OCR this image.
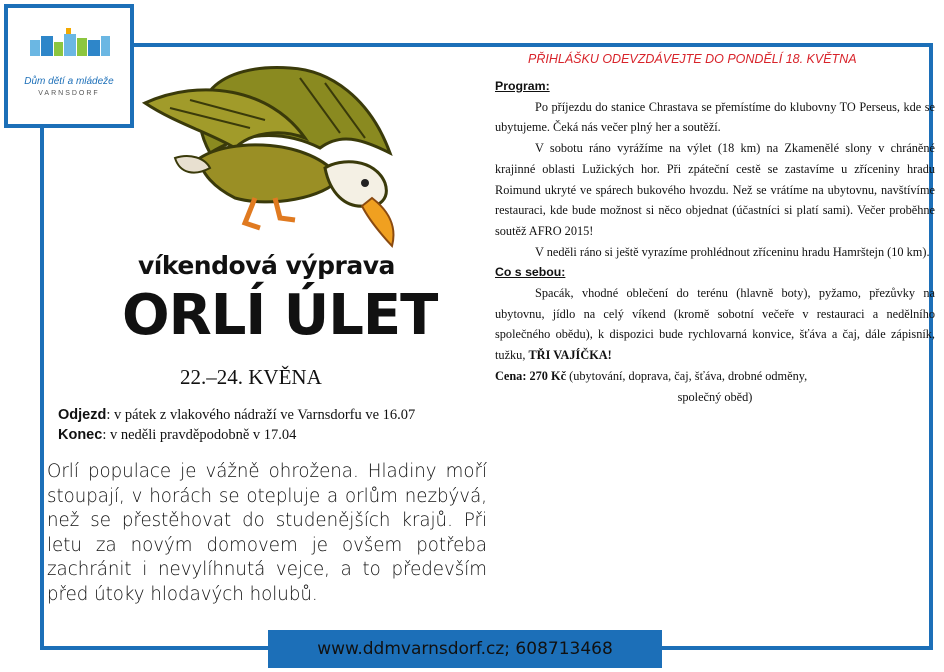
Dům dětí a mládeže
VARNSDORF
PŘIHLÁŠKU ODEVZDÁVEJTE DO PONDĚLÍ 18. KVĚTNA
víkendová výprava
ORLÍ ÚLET
22.–24. KVĚNA
Odjezd: v pátek z vlakového nádraží ve Varnsdorfu ve 16.07
Konec: v neděli pravděpodobně v 17.04
Orlí populace je vážně ohrožena. Hladiny moří stoupají, v horách se otepluje a orlům nezbývá, než se přestěhovat do studenějších krajů. Při letu za novým domovem je ovšem potřeba zachránit i nevylíhnutá vejce, a to především před útoky hlodavých holubů.

Program:

Po příjezdu do stanice Chrastava se přemístíme do klubovny TO Perseus, kde se ubytujeme. Čeká nás večer plný her a soutěží.

V sobotu ráno vyrážíme na výlet (18 km) na Zkamenělé slony v chráněné krajinné oblasti Lužických hor. Při zpáteční cestě se zastavíme u zříceniny hradu Roimund ukryté ve spárech bukového hvozdu. Než se vrátíme na ubytovnu, navštívíme restauraci, kde bude možnost si něco objednat (účastníci si platí sami). Večer proběhne soutěž AFRO 2015!

V neděli ráno si ještě vyrazíme prohlédnout zříceninu hradu Hamrštejn (10 km).

Co s sebou:

Spacák, vhodné oblečení do terénu (hlavně boty), pyžamo, přezůvky na ubytovnu, jídlo na celý víkend (kromě sobotní večeře v restauraci a nedělního společného obědu), k dispozici bude rychlovarná konvice, šťáva a čaj, dále zápisník, tužku, TŘI VAJÍČKA!

Cena: 270 Kč (ubytování, doprava, čaj, šťáva, drobné odměny,

společný oběd)

www.ddmvarnsdorf.cz; 608713468
